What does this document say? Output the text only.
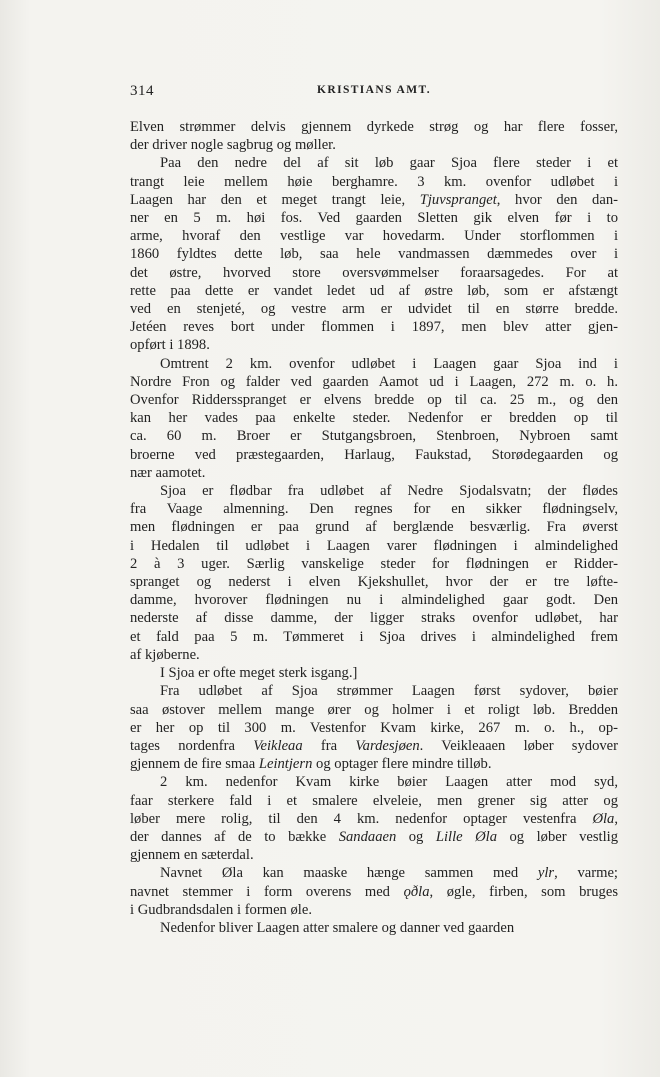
314	KRISTIANS AMT.
Elven strømmer delvis gjennem dyrkede strøg og har flere fosser,
der driver nogle sagbrug og møller.
Paa den nedre del af sit løb gaar Sjoa flere steder i et
trangt leie mellem høie berghamre. 3 km. ovenfor udløbet i
Laagen har den et meget trangt leie, Tjuvspranget, hvor den dan-
ner en 5 m. høi fos. Ved gaarden Sletten gik elven før i to
arme, hvoraf den vestlige var hovedarm. Under storflommen i
1860 fyldtes dette løb, saa hele vandmassen dæmmedes over i
det østre, hvorved store oversvømmelser foraarsagedes. For at
rette paa dette er vandet ledet ud af østre løb, som er afstængt
ved en stenjeté, og vestre arm er udvidet til en større bredde.
Jetéen reves bort under flommen i 1897, men blev atter gjen-
opført i 1898.
Omtrent 2 km. ovenfor udløbet i Laagen gaar Sjoa ind i
Nordre Fron og falder ved gaarden Aamot ud i Laagen, 272 m. o. h.
Ovenfor Riddersspranget er elvens bredde op til ca. 25 m., og den
kan her vades paa enkelte steder. Nedenfor er bredden op til
ca. 60 m. Broer er Stutgangsbroen, Stenbroen, Nybroen samt
broerne ved præstegaarden, Harlaug, Faukstad, Storødegaarden og
nær aamotet.
Sjoa er flødbar fra udløbet af Nedre Sjodalsvatn; der flødes
fra Vaage almenning. Den regnes for en sikker flødningselv,
men flødningen er paa grund af berglænde besværlig. Fra øverst
i Hedalen til udløbet i Laagen varer flødningen i almindelighed
2 à 3 uger. Særlig vanskelige steder for flødningen er Ridder-
spranget og nederst i elven Kjekshullet, hvor der er tre løfte-
damme, hvorover flødningen nu i almindelighed gaar godt. Den
nederste af disse damme, der ligger straks ovenfor udløbet, har
et fald paa 5 m. Tømmeret i Sjoa drives i almindelighed frem
af kjøberne.
I Sjoa er ofte meget sterk isgang.]
Fra udløbet af Sjoa strømmer Laagen først sydover, bøier
saa østover mellem mange ører og holmer i et roligt løb. Bredden
er her op til 300 m. Vestenfor Kvam kirke, 267 m. o. h., op-
tages nordenfra Veikleaa fra Vardesjøen. Veikleaaen løber sydover
gjennem de fire smaa Leintjern og optager flere mindre tilløb.
2 km. nedenfor Kvam kirke bøier Laagen atter mod syd,
faar sterkere fald i et smalere elveleie, men grener sig atter og
løber mere rolig, til den 4 km. nedenfor optager vestenfra Øla,
der dannes af de to bække Sandaaen og Lille Øla og løber vestlig
gjennem en sæterdal.
Navnet Øla kan maaske hænge sammen med ylr, varme;
navnet stemmer i form overens med ǫðla, øgle, firben, som bruges
i Gudbrandsdalen i formen øle.
Nedenfor bliver Laagen atter smalere og danner ved gaarden
